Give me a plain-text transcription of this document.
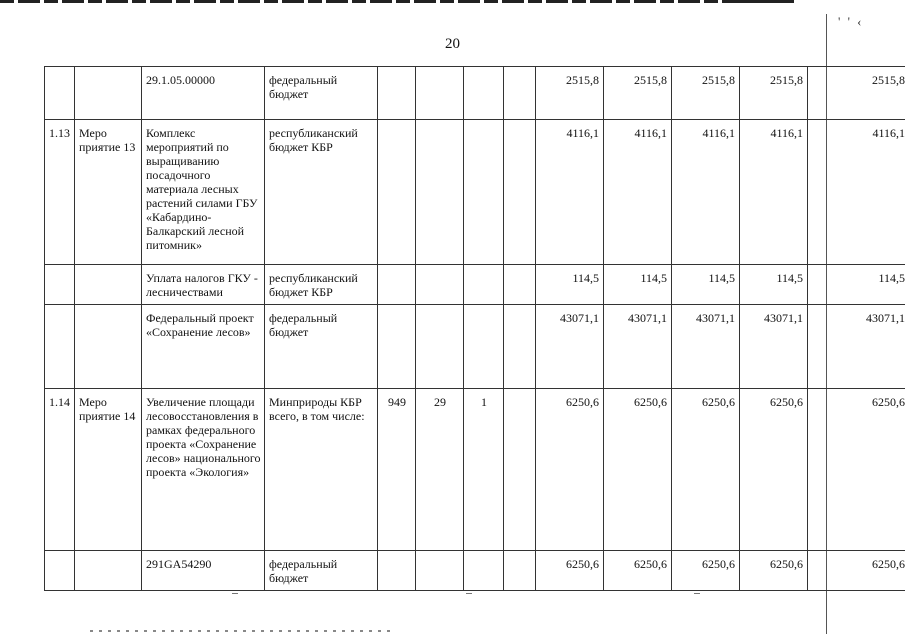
' ' ‹
20
		29.1.05.00000	федеральный бюджет					2515,8	2515,8	2515,8	2515,8	2515,8
1.13	Меро приятие 13	Комплекс мероприятий по выращиванию посадочного материала лесных растений силами ГБУ «Кабардино-Балкарский лесной питомник»	республиканский бюджет КБР					4116,1	4116,1	4116,1	4116,1	4116,1
		Уплата налогов ГКУ - лесничествами	республиканский бюджет КБР					114,5	114,5	114,5	114,5	114,5
		Федеральный проект «Сохранение лесов»	федеральный бюджет					43071,1	43071,1	43071,1	43071,1	43071,1
1.14	Меро приятие 14	Увеличение площади лесовосстановления в рамках федерального проекта «Сохранение лесов» национального проекта «Экология»	Минприроды КБР всего, в том числе:	949	29	1		6250,6	6250,6	6250,6	6250,6	6250,6
		291GA54290	федеральный бюджет					6250,6	6250,6	6250,6	6250,6	6250,6
